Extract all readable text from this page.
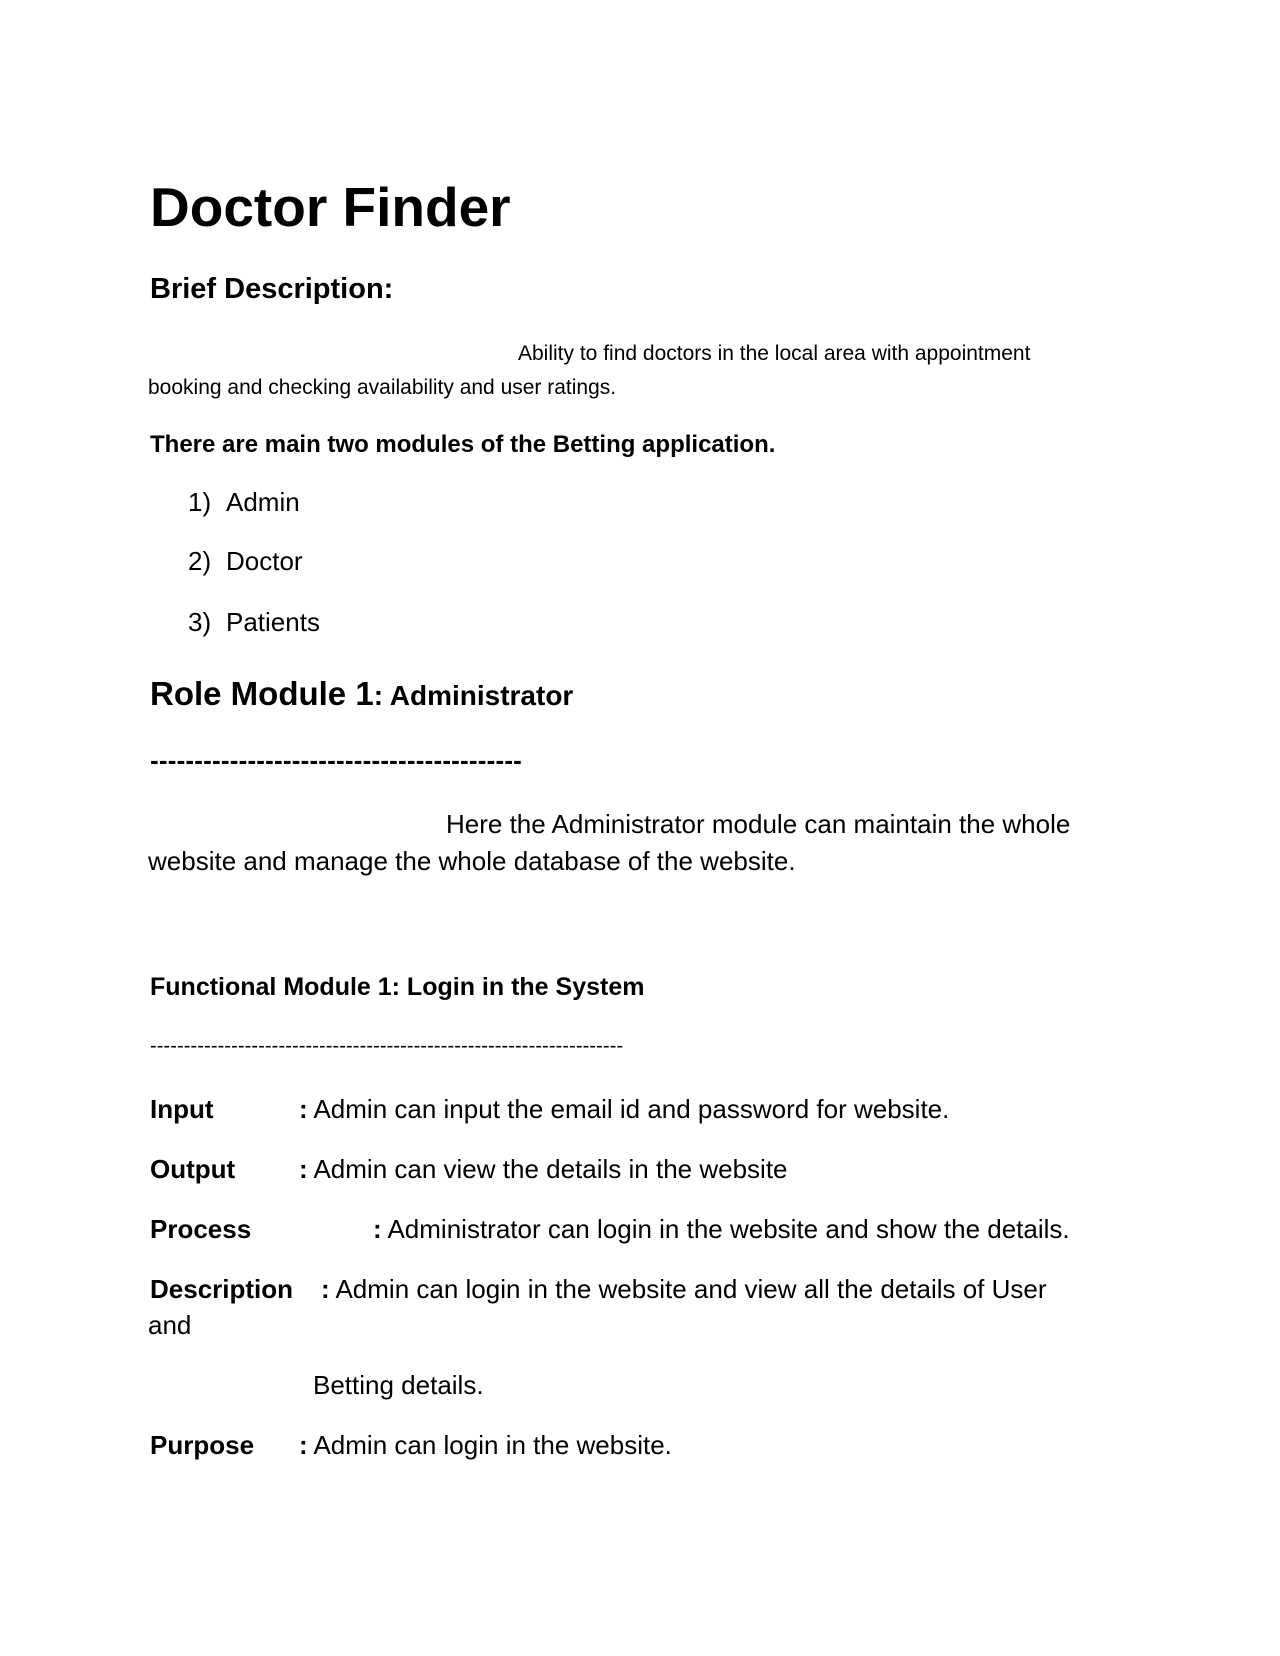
Doctor Finder
Brief Description:
Ability to find doctors in the local area with appointment
booking and checking availability and user ratings.
There are main two modules of the Betting application.
1) Admin
2) Doctor
3) Patients
Role Module 1: Administrator
------------------------------------------
Here the Administrator module can maintain the whole
website and manage the whole database of the website.
Functional Module 1: Login in the System
----------------------------------------------------------------------
Input	: Admin can input the email id and password for website.
Output : Admin can view the details in the website
Process	: Administrator can login in the website and show the details.
Description : Admin can login in the website and view all the details of User
and
Betting details.
Purpose : Admin can login in the website.
